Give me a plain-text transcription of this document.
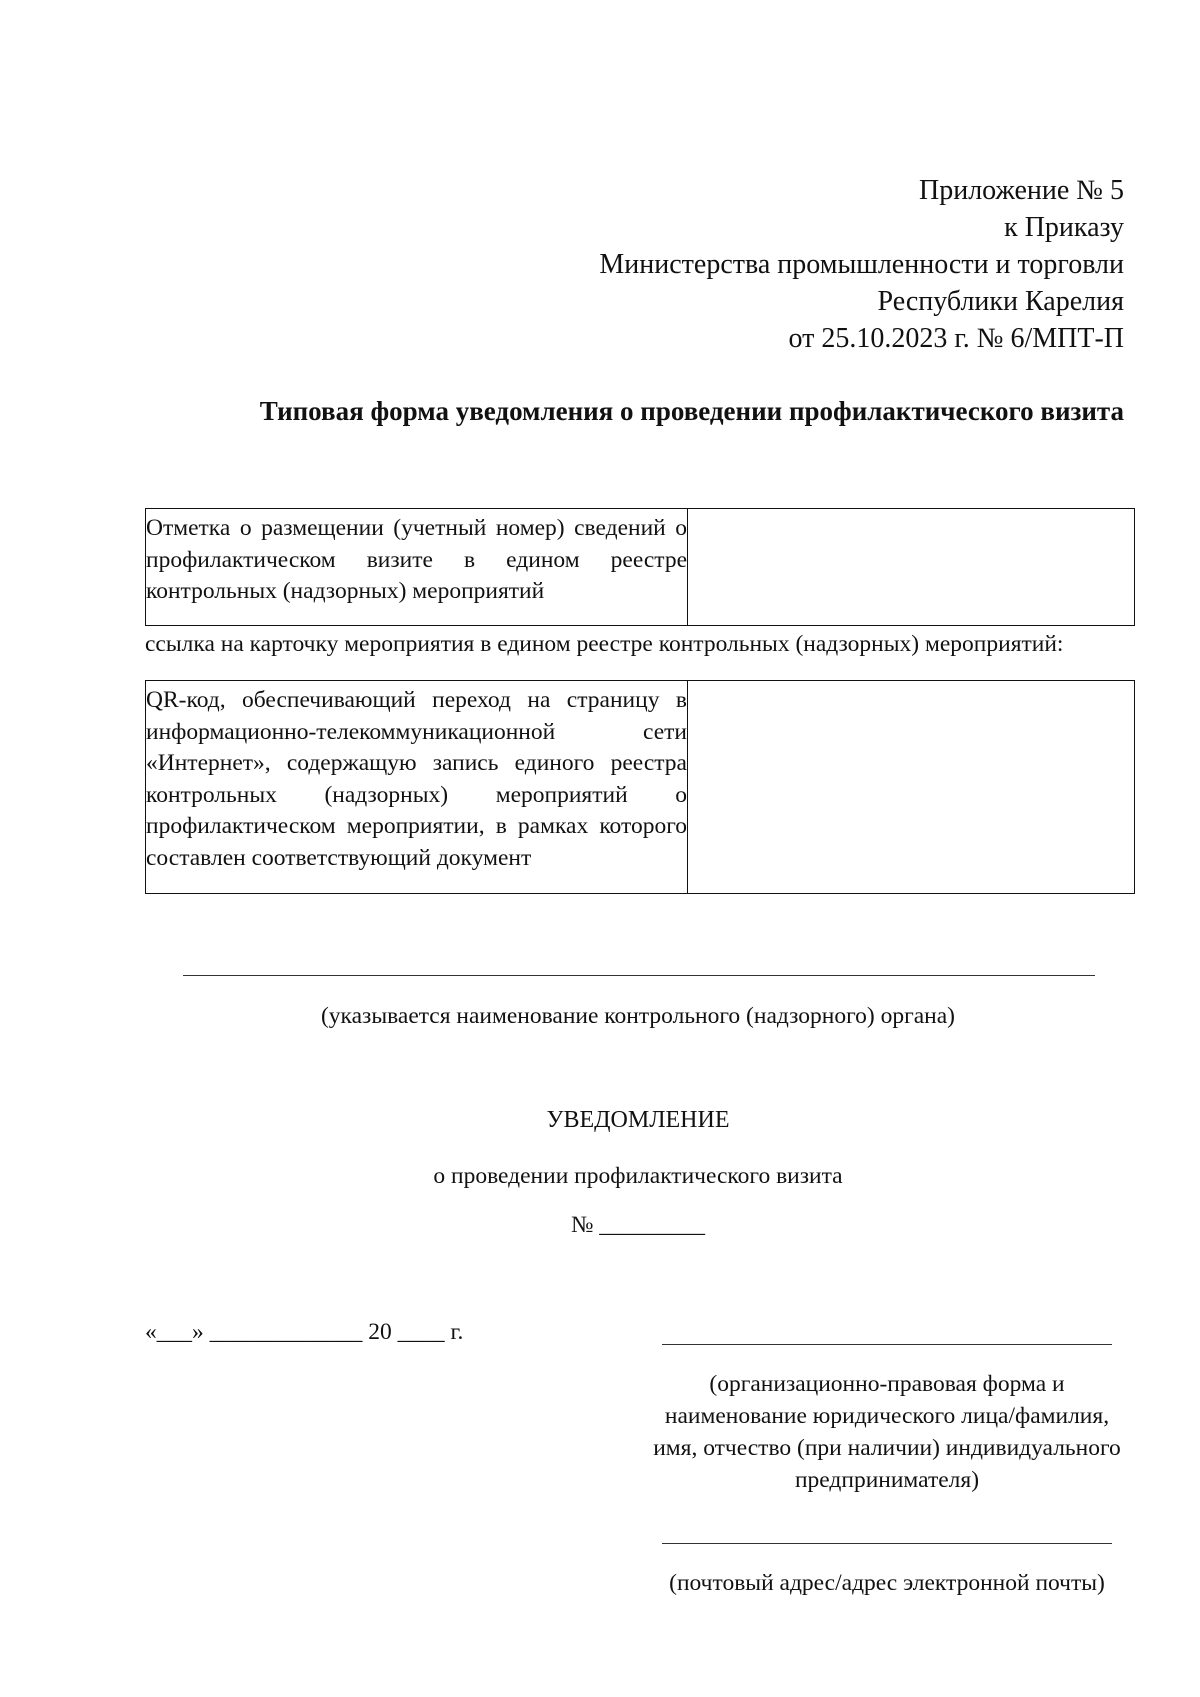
Приложение № 5
к Приказу
Министерства промышленности и торговли
Республики Карелия
от 25.10.2023 г. № 6/МПТ-П
Типовая форма уведомления о проведении профилактического визита
Отметка о размещении (учетный номер) сведений о профилактическом визите в едином реестре контрольных (надзорных) мероприятий	
ссылка на карточку мероприятия в едином реестре контрольных (надзорных) мероприятий:
QR-код, обеспечивающий переход на страницу в информационно-телекоммуникационной сети «Интернет», содержащую запись единого реестра контрольных (надзорных) мероприятий о профилактическом мероприятии, в рамках которого составлен соответствующий документ	
(указывается наименование контрольного (надзорного) органа)
УВЕДОМЛЕНИЕ
о проведении профилактического визита
№ _________
«___» _____________ 20 ____ г.
(организационно-правовая форма и
наименование юридического лица/фамилия,
имя, отчество (при наличии) индивидуального
предпринимателя)
(почтовый адрес/адрес электронной почты)
